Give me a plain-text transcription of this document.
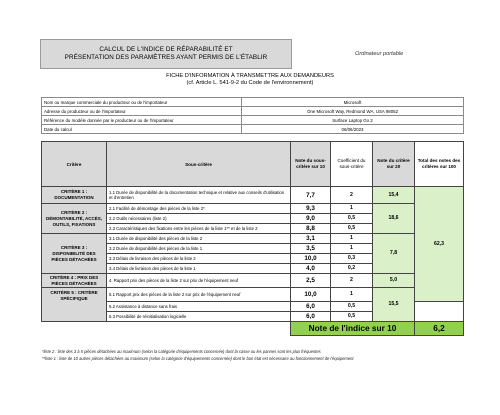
CALCUL DE L'INDICE DE RÉPARABILITÉ ET
PRÉSENTATION DES PARAMÈTRES AYANT PERMIS DE L'ÉTABLIR	Ordinateur portable
FICHE D'INFORMATION À TRANSMETTRE AUX DEMANDEURS
(cf. Article L. 541-9-2 du Code de l'environnement)
Nom ou marque commerciale du producteur ou de l'importateur	Microsoft
Adresse du producteur ou de l'importateur	One Microsoft Way, Redmond WA, USA 98052
Référence du modèle donnée par le producteur ou de l'importateur	Surface Laptop Go 2
Date du calcul	06/06/2023
Critère	Sous-critère	Note du sous-critère sur 10	Coefficient du sous-critère	Note du critère sur 20	Total des notes des critères sur 100
CRITÈRE 1 : DOCUMENTATION	1.1 Durée de disponibilité de la documentation technique et relative aux conseils d'utilisation et d'entretien	7,7	2	15,4	62,3
CRITÈRE 2 : DÉMONTABILITÉ, ACCÈS, OUTILS, FIXATIONS	2.1 Facilité de démontage des pièces de la liste 2*	9,3	1	18,6	
	2.2 Outils nécessaires (liste 2)	9,0	0,5		
	2.3 Caractéristiques des fixations entre les pièces de la liste 1** et de la liste 2	8,8	0,5		
CRITÈRE 3 : DISPONIBILITÉ DES PIÈCES DÉTACHÉES	3.1 Durée de disponibilité des pièces de la liste 2	3,1	1	7,8	
	3.2 Durée de disponibilité des pièces de la liste 1	3,5	1		
	3.3 Délais de livraison des pièces de la liste 2	10,0	0,3		
	3.4 Délais de livraison des pièces de la liste 1	4,0	0,2		
CRITÈRE 4 : PRIX DES PIÈCES DÉTACHÉES	4. Rapport prix des pièces de la liste 2 sur prix de l'équipement neuf	2,5	2	5,0	
CRITÈRE 5 : CRITÈRE SPÉCIFIQUE	5.1 Rapport prix des pièces de la liste 2 sur prix de l'équipement neuf	10,0	1	15,5	
	5.2 Assistance à distance sans frais	6,0	0,5		
	5.3 Possibilité de réinitialisation logicielle	6,0	0,5		
		Note de l'indice sur 10			6,2
*liste 2 : liste des 3 à 5 pièces détachées au maximum (selon la catégorie d'équipements concernée) dont la casse ou les pannes sont les plus fréquentes
**liste 1 : liste de 10 autres pièces détachées au maximum (selon la catégorie d'équipements concernée) dont le bon état est nécessaire au fonctionnement de l'équipement
